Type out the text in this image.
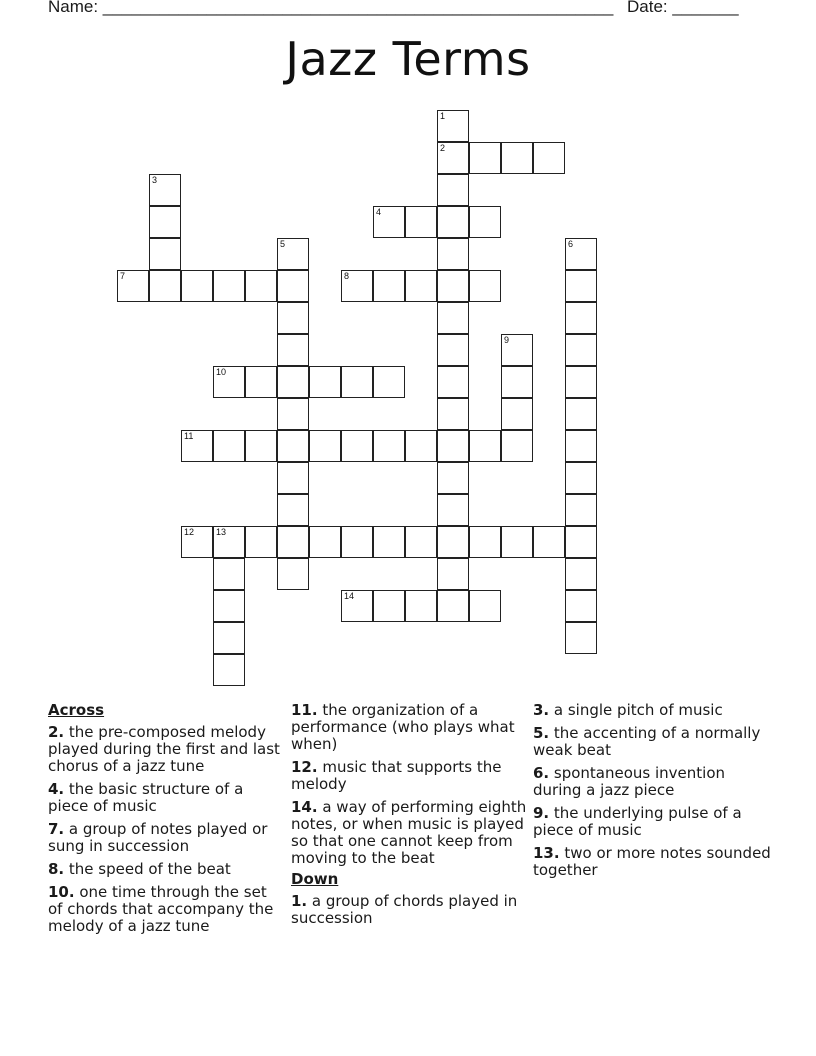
Name: ______________________________________________________ Date: _______
Jazz Terms
1
2
3
4
5	6
7	8
9
10
11
12 13
14
Across
2. the pre-composed melody played during the first and last chorus of a jazz tune
4. the basic structure of a piece of music
7. a group of notes played or sung in succession
8. the speed of the beat
10. one time through the set of chords that accompany the melody of a jazz tune
11. the organization of a performance (who plays what when)
12. music that supports the melody
14. a way of performing eighth notes, or when music is played so that one cannot keep from moving to the beat
Down
1. a group of chords played in succession
3. a single pitch of music
5. the accenting of a normally weak beat
6. spontaneous invention during a jazz piece
9. the underlying pulse of a piece of music
13. two or more notes sounded together
